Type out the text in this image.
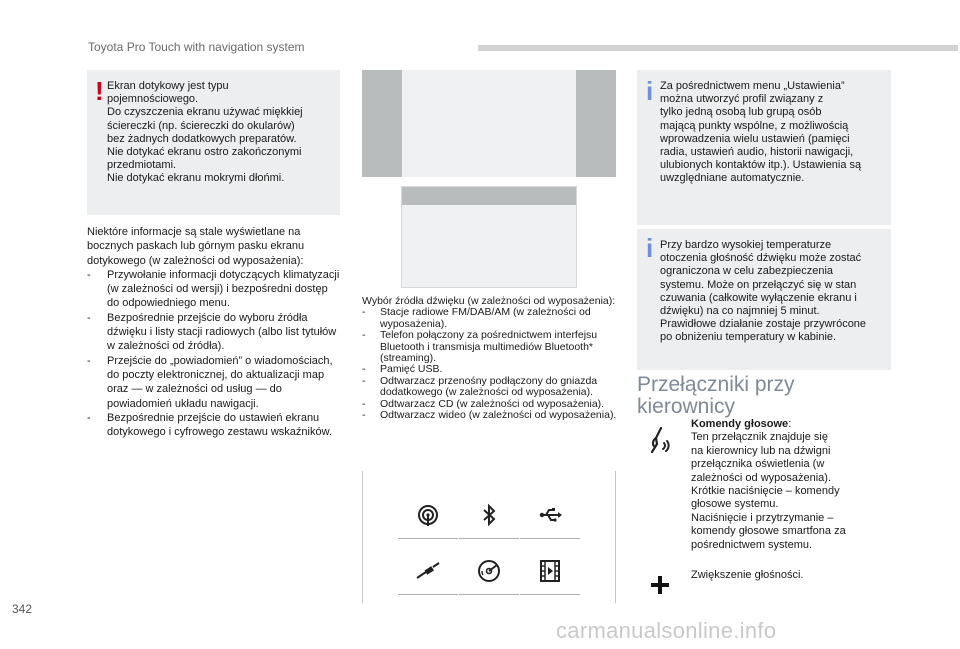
Toyota Pro Touch with navigation system
! Ekran dotykowy jest typu
pojemnościowego.
Do czyszczenia ekranu używać miękkiej
ściereczki (np. ściereczki do okularów)
bez żadnych dodatkowych preparatów.
Nie dotykać ekranu ostro zakończonymi
przedmiotami.
Nie dotykać ekranu mokrymi dłońmi.

Niektóre informacje są stale wyświetlane na bocznych paskach lub górnym pasku ekranu dotykowego (w zależności od wyposażenia):

- Przywołanie informacji dotyczących klimatyzacji (w zależności od wersji) i bezpośredni dostęp do odpowiedniego menu.
- Bezpośrednie przejście do wyboru źródła dźwięku i listy stacji radiowych (albo list tytułów w zależności od źródła).
- Przejście do „powiadomień” o wiadomościach, do poczty elektronicznej, do aktualizacji map oraz — w zależności od usług — do powiadomień układu nawigacji.
- Bezpośrednie przejście do ustawień ekranu dotykowego i cyfrowego zestawu wskaźników.

Wybór źródła dźwięku (w zależności od wyposażenia):

- Stacje radiowe FM/DAB/AM (w zależności od wyposażenia).
- Telefon połączony za pośrednictwem interfejsu Bluetooth i transmisja multimediów Bluetooth* (streaming).
- Pamięć USB.
- Odtwarzacz przenośny podłączony do gniazda dodatkowego (w zależności od wyposażenia).
- Odtwarzacz CD (w zależności od wyposażenia).
- Odtwarzacz wideo (w zależności od wyposażenia).
i Za pośrednictwem menu „Ustawienia”
można utworzyć profil związany z
tylko jedną osobą lub grupą osób
mającą punkty wspólne, z możliwością
wprowadzenia wielu ustawień (pamięci
radia, ustawień audio, historii nawigacji,
ulubionych kontaktów itp.). Ustawienia są
uwzględniane automatycznie.
i Przy bardzo wysokiej temperaturze
otoczenia głośność dźwięku może zostać
ograniczona w celu zabezpieczenia
systemu. Może on przełączyć się w stan
czuwania (całkowite wyłączenie ekranu i
dźwięku) na co najmniej 5 minut.
Prawidłowe działanie zostaje przywrócone
po obniżeniu temperatury w kabinie.
Przełączniki przy kierownicy
Komendy głosowe:
Ten przełącznik znajduje się
na kierownicy lub na dźwigni
przełącznika oświetlenia (w
zależności od wyposażenia).
Krótkie naciśnięcie – komendy
głosowe systemu.
Naciśnięcie i przytrzymanie –
komendy głosowe smartfona za
pośrednictwem systemu.
Zwiększenie głośności.
342
carmanualsonline.info
